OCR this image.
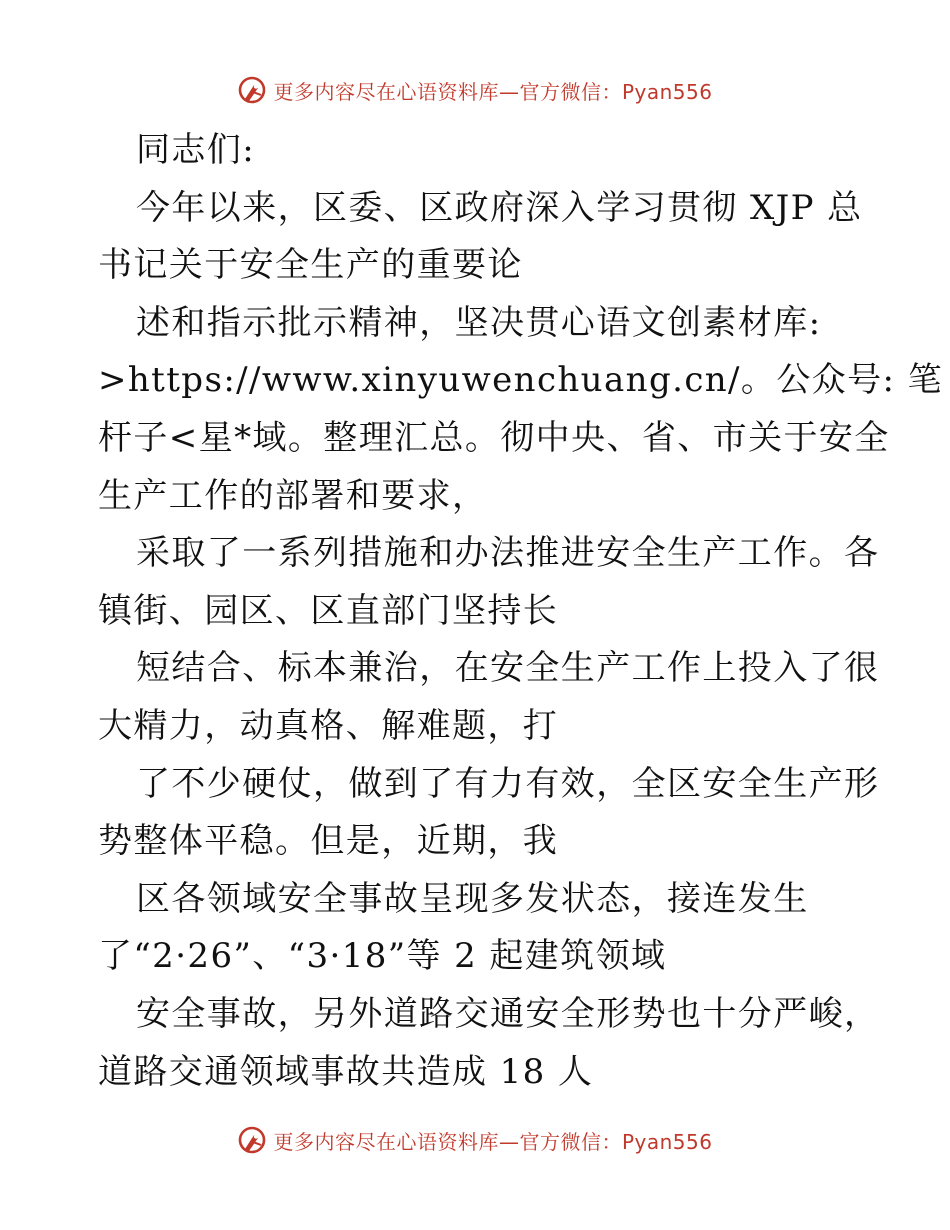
更多内容尽在心语资料库—官方微信：Pyan556
同志们:
今年以来，区委、区政府深入学习贯彻 XJP 总
书记关于安全生产的重要论
述和指示批示精神，坚决贯心语文创素材库:
>https://www.xinyuwenchuang.cn/。公众号: 笔
杆子<星*域。整理汇总。彻中央、省、市关于安全
生产工作的部署和要求，
采取了一系列措施和办法推进安全生产工作。各
镇街、园区、区直部门坚持长
短结合、标本兼治，在安全生产工作上投入了很
大精力，动真格、解难题，打
了不少硬仗，做到了有力有效，全区安全生产形
势整体平稳。但是，近期，我
区各领域安全事故呈现多发状态，接连发生
了“2·26”、“3·18”等 2 起建筑领域
安全事故，另外道路交通安全形势也十分严峻，
道路交通领域事故共造成 18 人
更多内容尽在心语资料库—官方微信：Pyan556
